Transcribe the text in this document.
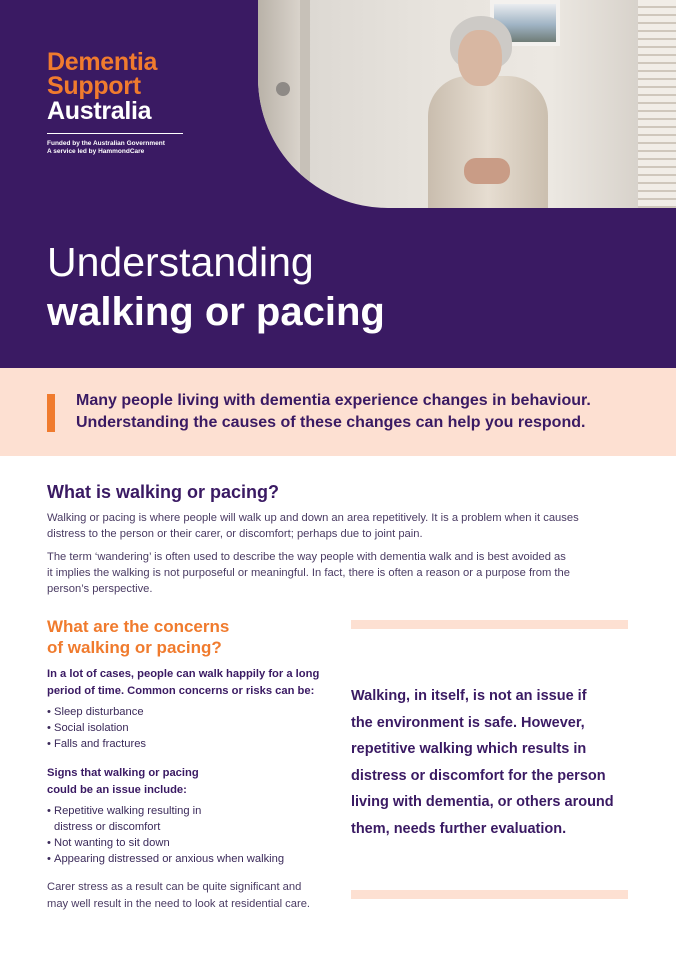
Dementia
Support
Australia
Funded by the Australian Government
A service led by HammondCare
Understanding
walking or pacing
Many people living with dementia experience changes in behaviour.
Understanding the causes of these changes can help you respond.
What is walking or pacing?
Walking or pacing is where people will walk up and down an area repetitively. It is a problem when it causes
distress to the person or their carer, or discomfort; perhaps due to joint pain.
The term ‘wandering’ is often used to describe the way people with dementia walk and is best avoided as
it implies the walking is not purposeful or meaningful. In fact, there is often a reason or a purpose from the
person’s perspective.
What are the concerns
of walking or pacing?
In a lot of cases, people can walk happily for a long
period of time. Common concerns or risks can be:
• Sleep disturbance
• Social isolation
• Falls and fractures
Signs that walking or pacing
could be an issue include:
• Repetitive walking resulting in
distress or discomfort
• Not wanting to sit down
• Appearing distressed or anxious when walking
Carer stress as a result can be quite significant and
may well result in the need to look at residential care.
Walking, in itself, is not an issue if
the environment is safe. However,
repetitive walking which results in
distress or discomfort for the person
living with dementia, or others around
them, needs further evaluation.
